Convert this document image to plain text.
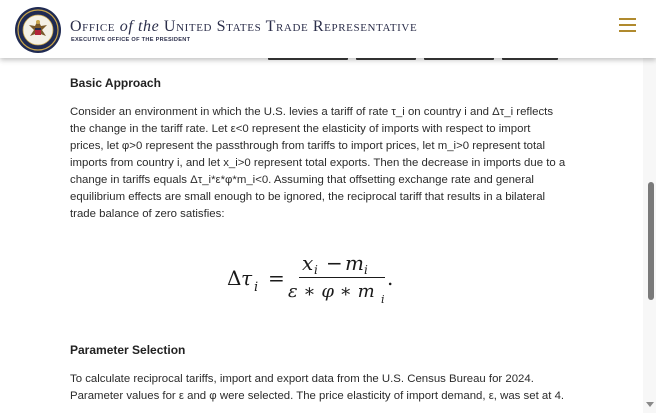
Basic Approach
Consider an environment in which the U.S. levies a tariff of rate τ_i on country i and Δτ_i reflects
the change in the tariff rate. Let ε<0 represent the elasticity of imports with respect to import
prices, let φ>0 represent the passthrough from tariffs to import prices, let m_i>0 represent total
imports from country i, and let x_i>0 represent total exports. Then the decrease in imports due to a
change in tariffs equals Δτ_i*ε*φ*m_i<0. Assuming that offsetting exchange rate and general
equilibrium effects are small enough to be ignored, the reciprocal tariff that results in a bilateral
trade balance of zero satisfies:
Parameter Selection
To calculate reciprocal tariffs, import and export data from the U.S. Census Bureau for 2024.
Parameter values for ε and φ were selected. The price elasticity of import demand, ε, was set at 4.
Δ τ i =
x i − m i
ε ∗ φ ∗ m i
.
Office of the United States Trade Representative
EXECUTIVE OFFICE OF THE PRESIDENT
